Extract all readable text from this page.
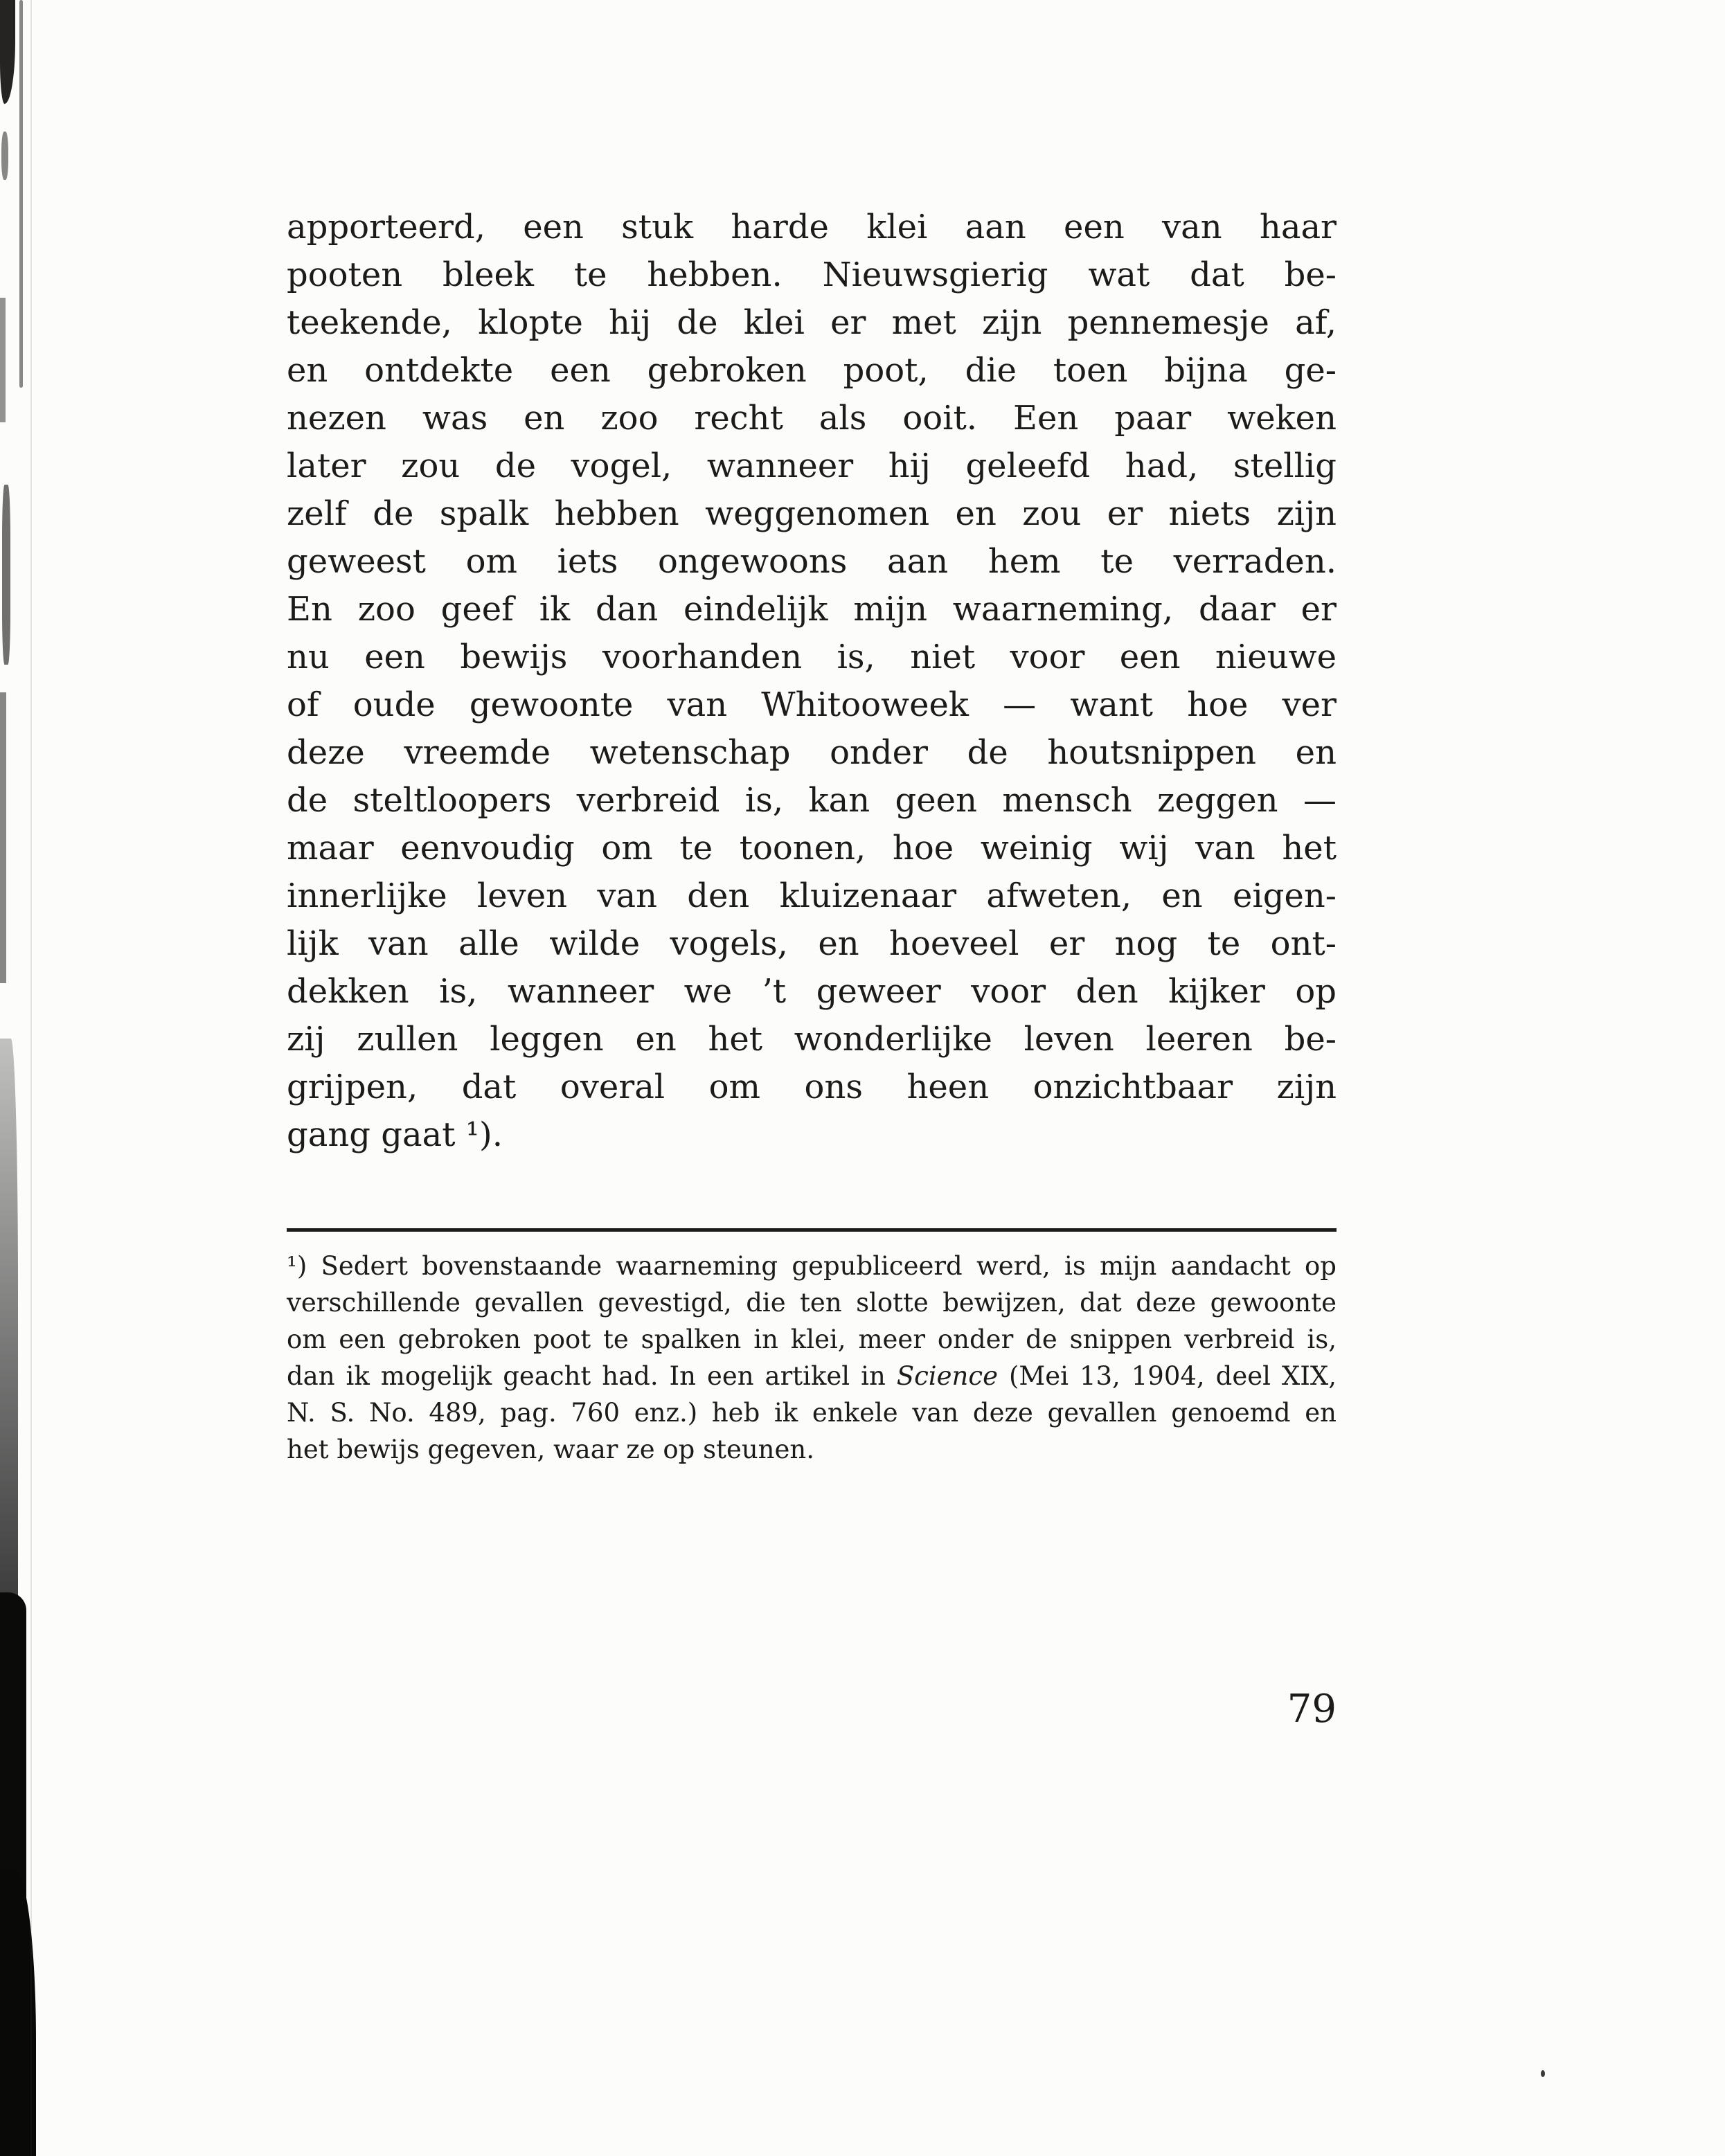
apporteerd, een stuk harde klei aan een van haar
pooten bleek te hebben. Nieuwsgierig wat dat be-
teekende, klopte hij de klei er met zijn pennemesje af,
en ontdekte een gebroken poot, die toen bijna ge-
nezen was en zoo recht als ooit. Een paar weken
later zou de vogel, wanneer hij geleefd had, stellig
zelf de spalk hebben weggenomen en zou er niets zijn
geweest om iets ongewoons aan hem te verraden.
En zoo geef ik dan eindelijk mijn waarneming, daar er
nu een bewijs voorhanden is, niet voor een nieuwe
of oude gewoonte van Whitooweek — want hoe ver
deze vreemde wetenschap onder de houtsnippen en
de steltloopers verbreid is, kan geen mensch zeggen —
maar eenvoudig om te toonen, hoe weinig wij van het
innerlijke leven van den kluizenaar afweten, en eigen-
lijk van alle wilde vogels, en hoeveel er nog te ont-
dekken is, wanneer we ’t geweer voor den kijker op
zij zullen leggen en het wonderlijke leven leeren be-
grijpen, dat overal om ons heen onzichtbaar zijn
gang gaat ¹).
¹) Sedert bovenstaande waarneming gepubliceerd werd, is mijn aandacht op
verschillende gevallen gevestigd, die ten slotte bewijzen, dat deze gewoonte
om een gebroken poot te spalken in klei, meer onder de snippen verbreid is,
dan ik mogelijk geacht had. In een artikel in Science (Mei 13, 1904, deel XIX,
N. S. No. 489, pag. 760 enz.) heb ik enkele van deze gevallen genoemd en
het bewijs gegeven, waar ze op steunen.
79
